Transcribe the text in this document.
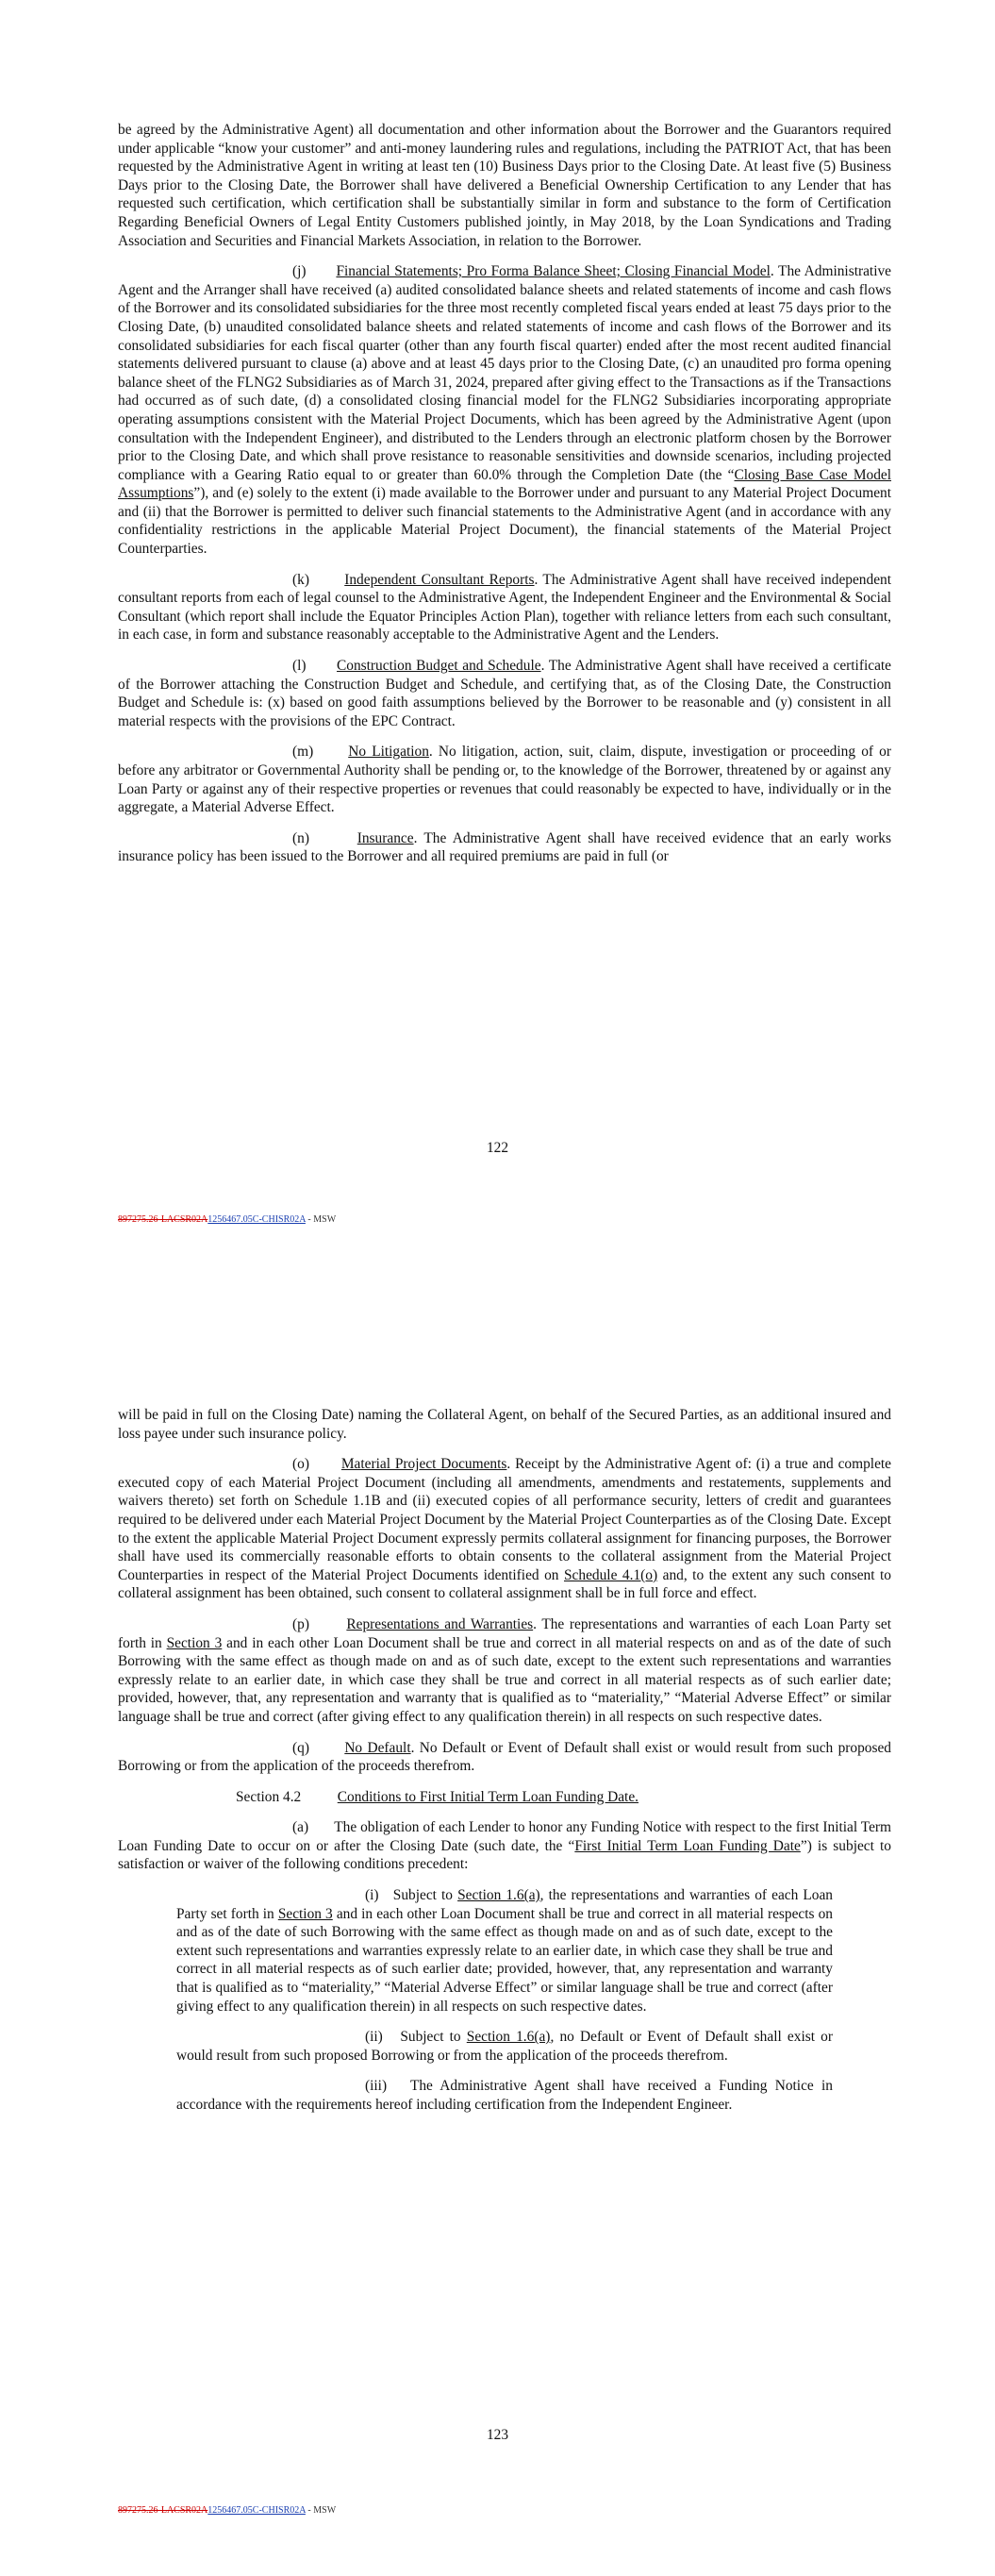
be agreed by the Administrative Agent) all documentation and other information about the Borrower and the Guarantors required under applicable “know your customer” and anti-money laundering rules and regulations, including the PATRIOT Act, that has been requested by the Administrative Agent in writing at least ten (10) Business Days prior to the Closing Date. At least five (5) Business Days prior to the Closing Date, the Borrower shall have delivered a Beneficial Ownership Certification to any Lender that has requested such certification, which certification shall be substantially similar in form and substance to the form of Certification Regarding Beneficial Owners of Legal Entity Customers published jointly, in May 2018, by the Loan Syndications and Trading Association and Securities and Financial Markets Association, in relation to the Borrower.

(j) Financial Statements; Pro Forma Balance Sheet; Closing Financial Model. The Administrative Agent and the Arranger shall have received (a) audited consolidated balance sheets and related statements of income and cash flows of the Borrower and its consolidated subsidiaries for the three most recently completed fiscal years ended at least 75 days prior to the Closing Date, (b) unaudited consolidated balance sheets and related statements of income and cash flows of the Borrower and its consolidated subsidiaries for each fiscal quarter (other than any fourth fiscal quarter) ended after the most recent audited financial statements delivered pursuant to clause (a) above and at least 45 days prior to the Closing Date, (c) an unaudited pro forma opening balance sheet of the FLNG2 Subsidiaries as of March 31, 2024, prepared after giving effect to the Transactions as if the Transactions had occurred as of such date, (d) a consolidated closing financial model for the FLNG2 Subsidiaries incorporating appropriate operating assumptions consistent with the Material Project Documents, which has been agreed by the Administrative Agent (upon consultation with the Independent Engineer), and distributed to the Lenders through an electronic platform chosen by the Borrower prior to the Closing Date, and which shall prove resistance to reasonable sensitivities and downside scenarios, including projected compliance with a Gearing Ratio equal to or greater than 60.0% through the Completion Date (the “Closing Base Case Model Assumptions”), and (e) solely to the extent (i) made available to the Borrower under and pursuant to any Material Project Document and (ii) that the Borrower is permitted to deliver such financial statements to the Administrative Agent (and in accordance with any confidentiality restrictions in the applicable Material Project Document), the financial statements of the Material Project Counterparties.

(k) Independent Consultant Reports. The Administrative Agent shall have received independent consultant reports from each of legal counsel to the Administrative Agent, the Independent Engineer and the Environmental & Social Consultant (which report shall include the Equator Principles Action Plan), together with reliance letters from each such consultant, in each case, in form and substance reasonably acceptable to the Administrative Agent and the Lenders.

(l) Construction Budget and Schedule. The Administrative Agent shall have received a certificate of the Borrower attaching the Construction Budget and Schedule, and certifying that, as of the Closing Date, the Construction Budget and Schedule is: (x) based on good faith assumptions believed by the Borrower to be reasonable and (y) consistent in all material respects with the provisions of the EPC Contract.

(m) No Litigation. No litigation, action, suit, claim, dispute, investigation or proceeding of or before any arbitrator or Governmental Authority shall be pending or, to the knowledge of the Borrower, threatened by or against any Loan Party or against any of their respective properties or revenues that could reasonably be expected to have, individually or in the aggregate, a Material Adverse Effect.

(n)	Insurance. The Administrative Agent shall have received evidence that an early works insurance policy has been issued to the Borrower and all required premiums are paid in full (or

122
897275.26-LACSR02A1256467.05C-CHISR02A - MSW

will be paid in full on the Closing Date) naming the Collateral Agent, on behalf of the Secured Parties, as an additional insured and loss payee under such insurance policy.

(o) Material Project Documents. Receipt by the Administrative Agent of: (i) a true and complete executed copy of each Material Project Document (including all amendments, amendments and restatements, supplements and waivers thereto) set forth on Schedule 1.1B and (ii) executed copies of all performance security, letters of credit and guarantees required to be delivered under each Material Project Document by the Material Project Counterparties as of the Closing Date. Except to the extent the applicable Material Project Document expressly permits collateral assignment for financing purposes, the Borrower shall have used its commercially reasonable efforts to obtain consents to the collateral assignment from the Material Project Counterparties in respect of the Material Project Documents identified on Schedule 4.1(o) and, to the extent any such consent to collateral assignment has been obtained, such consent to collateral assignment shall be in full force and effect.

(p)	Representations and Warranties. The representations and warranties of each Loan Party set forth in Section 3 and in each other Loan Document shall be true and correct in all material respects on and as of the date of such Borrowing with the same effect as though made on and as of such date, except to the extent such representations and warranties expressly relate to an earlier date, in which case they shall be true and correct in all material respects as of such earlier date; provided, however, that, any representation and warranty that is qualified as to “materiality,” “Material Adverse Effect” or similar language shall be true and correct (after giving effect to any qualification therein) in all respects on such respective dates.

(q) No Default. No Default or Event of Default shall exist or would result from such proposed Borrowing or from the application of the proceeds therefrom.

Section 4.2 Conditions to First Initial Term Loan Funding Date.

(a) The obligation of each Lender to honor any Funding Notice with respect to the first Initial Term Loan Funding Date to occur on or after the Closing Date (such date, the “First Initial Term Loan Funding Date”) is subject to satisfaction or waiver of the following conditions precedent:

(i) Subject to Section 1.6(a), the representations and warranties of each Loan Party set forth in Section 3 and in each other Loan Document shall be true and correct in all material respects on and as of the date of such Borrowing with the same effect as though made on and as of such date, except to the extent such representations and warranties expressly relate to an earlier date, in which case they shall be true and correct in all material respects as of such earlier date; provided, however, that, any representation and warranty that is qualified as to “materiality,” “Material Adverse Effect” or similar language shall be true and correct (after giving effect to any qualification therein) in all respects on such respective dates.

(ii) Subject to Section 1.6(a), no Default or Event of Default shall exist or would result from such proposed Borrowing or from the application of the proceeds therefrom.

(iii) The Administrative Agent shall have received a Funding Notice in accordance with the requirements hereof including certification from the Independent Engineer.

123
897275.26-LACSR02A1256467.05C-CHISR02A - MSW
